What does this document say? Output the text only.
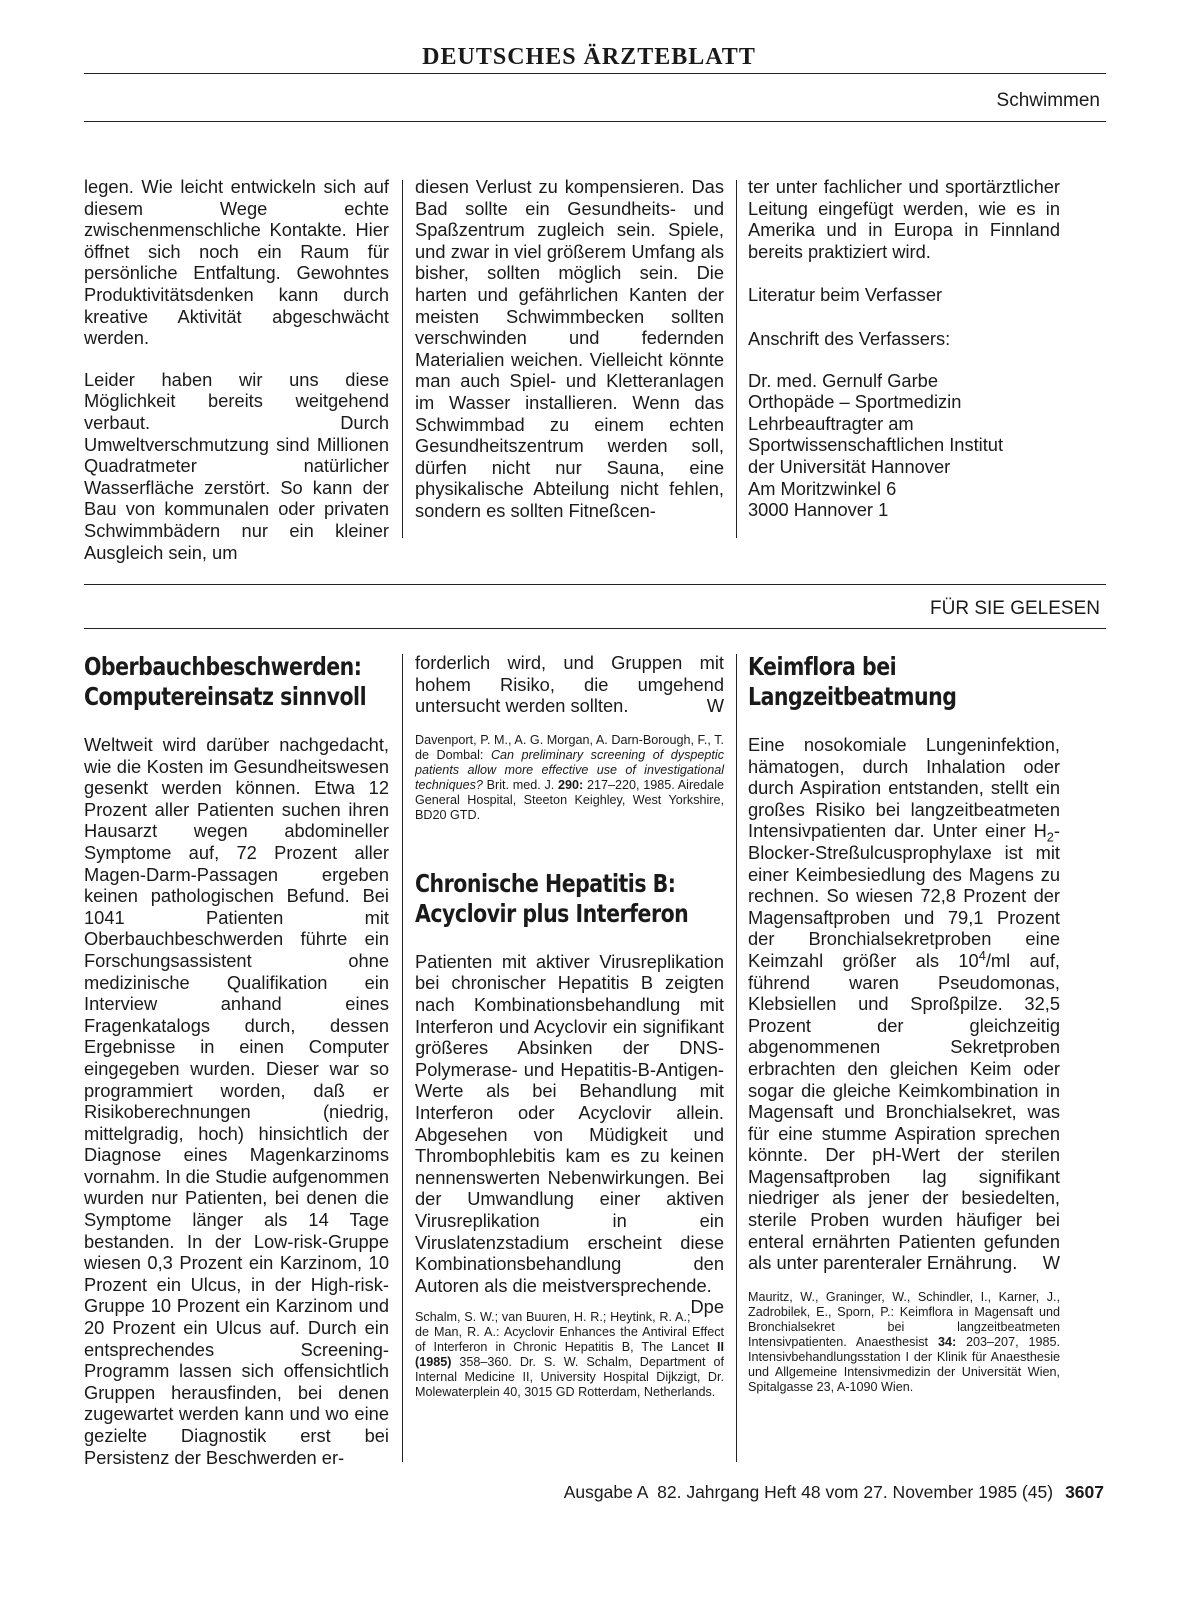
DEUTSCHES ÄRZTEBLATT
Schwimmen

legen. Wie leicht entwickeln sich auf diesem Wege echte zwischenmenschliche Kontakte. Hier öffnet sich noch ein Raum für persönliche Entfaltung. Gewohntes Produktivitätsdenken kann durch kreative Aktivität abgeschwächt werden.

Leider haben wir uns diese Möglichkeit bereits weitgehend verbaut. Durch Umweltverschmutzung sind Millionen Quadratmeter natürlicher Wasserfläche zerstört. So kann der Bau von kommunalen oder privaten Schwimmbädern nur ein kleiner Ausgleich sein, um

diesen Verlust zu kompensieren. Das Bad sollte ein Gesundheits- und Spaßzentrum zugleich sein. Spiele, und zwar in viel größerem Umfang als bisher, sollten möglich sein. Die harten und gefährlichen Kanten der meisten Schwimmbecken sollten verschwinden und federnden Materialien weichen. Vielleicht könnte man auch Spiel- und Kletteranlagen im Wasser installieren. Wenn das Schwimmbad zu einem echten Gesundheitszentrum werden soll, dürfen nicht nur Sauna, eine physikalische Abteilung nicht fehlen, sondern es sollten Fitneßcen-

ter unter fachlicher und sportärztlicher Leitung eingefügt werden, wie es in Amerika und in Europa in Finnland bereits praktiziert wird.

Literatur beim Verfasser

Anschrift des Verfassers:

Dr. med. Gernulf Garbe
Orthopäde – Sportmedizin
Lehrbeauftragter am
Sportwissenschaftlichen Institut
der Universität Hannover
Am Moritzwinkel 6
3000 Hannover 1
FÜR SIE GELESEN
Oberbauchbeschwerden:
Computereinsatz sinnvoll

Weltweit wird darüber nachgedacht, wie die Kosten im Gesundheitswesen gesenkt werden können. Etwa 12 Prozent aller Patienten suchen ihren Hausarzt wegen abdomineller Symptome auf, 72 Prozent aller Magen-Darm-Passagen ergeben keinen pathologischen Befund. Bei 1041 Patienten mit Oberbauchbeschwerden führte ein Forschungsassistent ohne medizinische Qualifikation ein Interview anhand eines Fragenkatalogs durch, dessen Ergebnisse in einen Computer eingegeben wurden. Dieser war so programmiert worden, daß er Risikoberechnungen (niedrig, mittelgradig, hoch) hinsichtlich der Diagnose eines Magenkarzinoms vornahm. In die Studie aufgenommen wurden nur Patienten, bei denen die Symptome länger als 14 Tage bestanden. In der Low-risk-Gruppe wiesen 0,3 Prozent ein Karzinom, 10 Prozent ein Ulcus, in der High-risk-Gruppe 10 Prozent ein Karzinom und 20 Prozent ein Ulcus auf. Durch ein entsprechendes Screening-Programm lassen sich offensichtlich Gruppen herausfinden, bei denen zugewartet werden kann und wo eine gezielte Diagnostik erst bei Persistenz der Beschwerden er-

forderlich wird, und Gruppen mit hohem Risiko, die umgehend untersucht werden sollten.	W

Davenport, P. M., A. G. Morgan, A. Darn-Borough, F., T. de Dombal: Can preliminary screening of dyspeptic patients allow more effective use of investigational techniques? Brit. med. J. 290: 217–220, 1985. Airedale General Hospital, Steeton Keighley, West Yorkshire, BD20 GTD.

Chronische Hepatitis B:
Acyclovir plus Interferon

Patienten mit aktiver Virusreplikation bei chronischer Hepatitis B zeigten nach Kombinationsbehandlung mit Interferon und Acyclovir ein signifikant größeres Absinken der DNS-Polymerase- und Hepatitis-B-Antigen-Werte als bei Behandlung mit Interferon oder Acyclovir allein. Abgesehen von Müdigkeit und Thrombophlebitis kam es zu keinen nennenswerten Nebenwirkungen. Bei der Umwandlung einer aktiven Virusreplikation in ein Viruslatenzstadium erscheint diese Kombinationsbehandlung den Autoren als die meistversprechende.
Dpe

Schalm, S. W.; van Buuren, H. R.; Heytink, R. A.; de Man, R. A.: Acyclovir Enhances the Antiviral Effect of Interferon in Chronic Hepatitis B, The Lancet II (1985) 358–360. Dr. S. W. Schalm, Department of Internal Medicine II, University Hospital Dijkzigt, Dr. Molewaterplein 40, 3015 GD Rotterdam, Netherlands.

Keimflora bei
Langzeitbeatmung

Eine nosokomiale Lungeninfektion, hämatogen, durch Inhalation oder durch Aspiration entstanden, stellt ein großes Risiko bei langzeitbeatmeten Intensivpatienten dar. Unter einer $H_2-Blocker$-Streßulcusprophylaxe ist mit einer Keimbesiedlung des Magens zu rechnen. So wiesen 72,8 Prozent der Magensaftproben und 79,1 Prozent der Bronchialsekretproben eine Keimzahl größer als $10^4/ml$ auf, führend waren Pseudomonas, Klebsiellen und Sproßpilze. 32,5 Prozent der gleichzeitig abgenommenen Sekretproben erbrachten den gleichen Keim oder sogar die gleiche Keimkombination in Magensaft und Bronchialsekret, was für eine stumme Aspiration sprechen könnte. Der pH-Wert der sterilen Magensaftproben lag signifikant niedriger als jener der besiedelten, sterile Proben wurden häufiger bei enteral ernährten Patienten gefunden als unter parenteraler Ernährung. W

Mauritz, W., Graninger, W., Schindler, I., Karner, J., Zadrobilek, E., Sporn, P.: Keimflora in Magensaft und Bronchialsekret bei langzeitbeatmeten Intensivpatienten. Anaesthesist 34: 203–207, 1985. Intensivbehandlungsstation I der Klinik für Anaesthesie und Allgemeine Intensivmedizin der Universität Wien, Spitalgasse 23, A-1090 Wien.

Ausgabe A  82. Jahrgang Heft 48 vom 27. November 1985 (45) 3607
